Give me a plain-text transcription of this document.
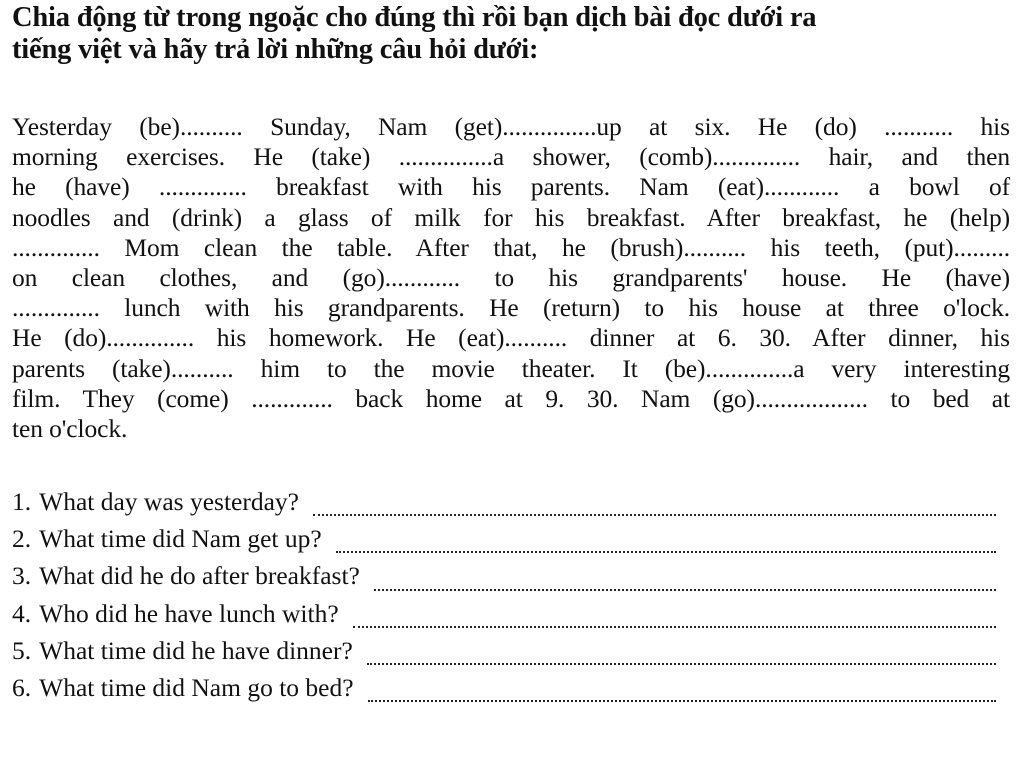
Chia động từ trong ngoặc cho đúng thì rồi bạn dịch bài đọc dưới ra
tiếng việt và hãy trả lời những câu hỏi dưới:
Yesterday (be).......... Sunday, Nam (get)...............up at six. He (do) ........... his
morning exercises. He (take) ...............a shower, (comb).............. hair, and then
he (have) .............. breakfast with his parents. Nam (eat)............ a bowl of
noodles and (drink) a glass of milk for his breakfast. After breakfast, he (help)
.............. Mom clean the table. After that, he (brush).......... his teeth, (put).........
on clean clothes, and (go)............ to his grandparents' house. He (have)
.............. lunch with his grandparents. He (return) to his house at three o'lock.
He (do).............. his homework. He (eat).......... dinner at 6. 30. After dinner, his
parents (take).......... him to the movie theater. It (be)..............a very interesting
film. They (come) ............. back home at 9. 30. Nam (go).................. to bed at
ten o'clock.
1. What day was yesterday?
2. What time did Nam get up?
3. What did he do after breakfast?
4. Who did he have lunch with?
5. What time did he have dinner?
6. What time did Nam go to bed?
